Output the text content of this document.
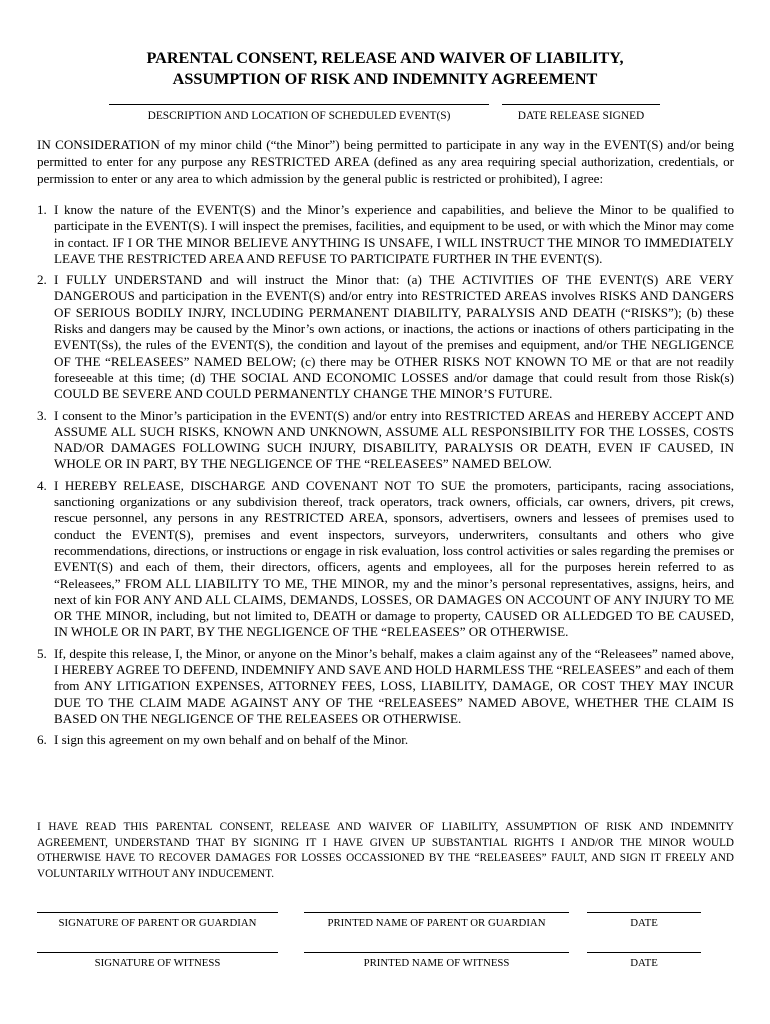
PARENTAL CONSENT, RELEASE AND WAIVER OF LIABILITY,
ASSUMPTION OF RISK AND INDEMNITY AGREEMENT
DESCRIPTION AND LOCATION OF SCHEDULED EVENT(S)	DATE RELEASE SIGNED
IN CONSIDERATION of my minor child (“the Minor”) being permitted to participate in any way in the EVENT(S) and/or being permitted to enter for any purpose any RESTRICTED AREA (defined as any area requiring special authorization, credentials, or permission to enter or any area to which admission by the general public is restricted or prohibited), I agree:
1. I know the nature of the EVENT(S) and the Minor’s experience and capabilities, and believe the Minor to be qualified to participate in the EVENT(S). I will inspect the premises, facilities, and equipment to be used, or with which the Minor may come in contact. IF I OR THE MINOR BELIEVE ANYTHING IS UNSAFE, I WILL INSTRUCT THE MINOR TO IMMEDIATELY LEAVE THE RESTRICTED AREA AND REFUSE TO PARTICIPATE FURTHER IN THE EVENT(S).
2. I FULLY UNDERSTAND and will instruct the Minor that: (a) THE ACTIVITIES OF THE EVENT(S) ARE VERY DANGEROUS and participation in the EVENT(S) and/or entry into RESTRICTED AREAS involves RISKS AND DANGERS OF SERIOUS BODILY INJRY, INCLUDING PERMANENT DIABILITY, PARALYSIS AND DEATH (“RISKS”); (b) these Risks and dangers may be caused by the Minor’s own actions, or inactions, the actions or inactions of others participating in the EVENT(Ss), the rules of the EVENT(S), the condition and layout of the premises and equipment, and/or THE NEGLIGENCE OF THE “RELEASEES” NAMED BELOW; (c) there may be OTHER RISKS NOT KNOWN TO ME or that are not readily foreseeable at this time; (d) THE SOCIAL AND ECONOMIC LOSSES and/or damage that could result from those Risk(s) COULD BE SEVERE AND COULD PERMANENTLY CHANGE THE MINOR’S FUTURE.
3. I consent to the Minor’s participation in the EVENT(S) and/or entry into RESTRICTED AREAS and HEREBY ACCEPT AND ASSUME ALL SUCH RISKS, KNOWN AND UNKNOWN, ASSUME ALL RESPONSIBILITY FOR THE LOSSES, COSTS NAD/OR DAMAGES FOLLOWING SUCH INJURY, DISABILITY, PARALYSIS OR DEATH, EVEN IF CAUSED, IN WHOLE OR IN PART, BY THE NEGLIGENCE OF THE “RELEASEES” NAMED BELOW.
4. I HEREBY RELEASE, DISCHARGE AND COVENANT NOT TO SUE the promoters, participants, racing associations, sanctioning organizations or any subdivision thereof, track operators, track owners, officials, car owners, drivers, pit crews, rescue personnel, any persons in any RESTRICTED AREA, sponsors, advertisers, owners and lessees of premises used to conduct the EVENT(S), premises and event inspectors, surveyors, underwriters, consultants and others who give recommendations, directions, or instructions or engage in risk evaluation, loss control activities or sales regarding the premises or EVENT(S) and each of them, their directors, officers, agents and employees, all for the purposes herein referred to as “Releasees,” FROM ALL LIABILITY TO ME, THE MINOR, my and the minor’s personal representatives, assigns, heirs, and next of kin FOR ANY AND ALL CLAIMS, DEMANDS, LOSSES, OR DAMAGES ON ACCOUNT OF ANY INJURY TO ME OR THE MINOR, including, but not limited to, DEATH or damage to property, CAUSED OR ALLEDGED TO BE CAUSED, IN WHOLE OR IN PART, BY THE NEGLIGENCE OF THE “RELEASEES” OR OTHERWISE.
5. If, despite this release, I, the Minor, or anyone on the Minor’s behalf, makes a claim against any of the “Releasees” named above, I HEREBY AGREE TO DEFEND, INDEMNIFY AND SAVE AND HOLD HARMLESS THE “RELEASEES” and each of them from ANY LITIGATION EXPENSES, ATTORNEY FEES, LOSS, LIABILITY, DAMAGE, OR COST THEY MAY INCUR DUE TO THE CLAIM MADE AGAINST ANY OF THE “RELEASEES” NAMED ABOVE, WHETHER THE CLAIM IS BASED ON THE NEGLIGENCE OF THE RELEASEES OR OTHERWISE.
6. I sign this agreement on my own behalf and on behalf of the Minor.
I HAVE READ THIS PARENTAL CONSENT, RELEASE AND WAIVER OF LIABILITY, ASSUMPTION OF RISK AND INDEMNITY AGREEMENT, UNDERSTAND THAT BY SIGNING IT I HAVE GIVEN UP SUBSTANTIAL RIGHTS I AND/OR THE MINOR WOULD OTHERWISE HAVE TO RECOVER DAMAGES FOR LOSSES OCCASSIONED BY THE “RELEASEES” FAULT, AND SIGN IT FREELY AND VOLUNTARILY WITHOUT ANY INDUCEMENT.
SIGNATURE OF PARENT OR GUARDIAN	PRINTED NAME OF PARENT OR GUARDIAN	DATE
SIGNATURE OF WITNESS	PRINTED NAME OF WITNESS	DATE
